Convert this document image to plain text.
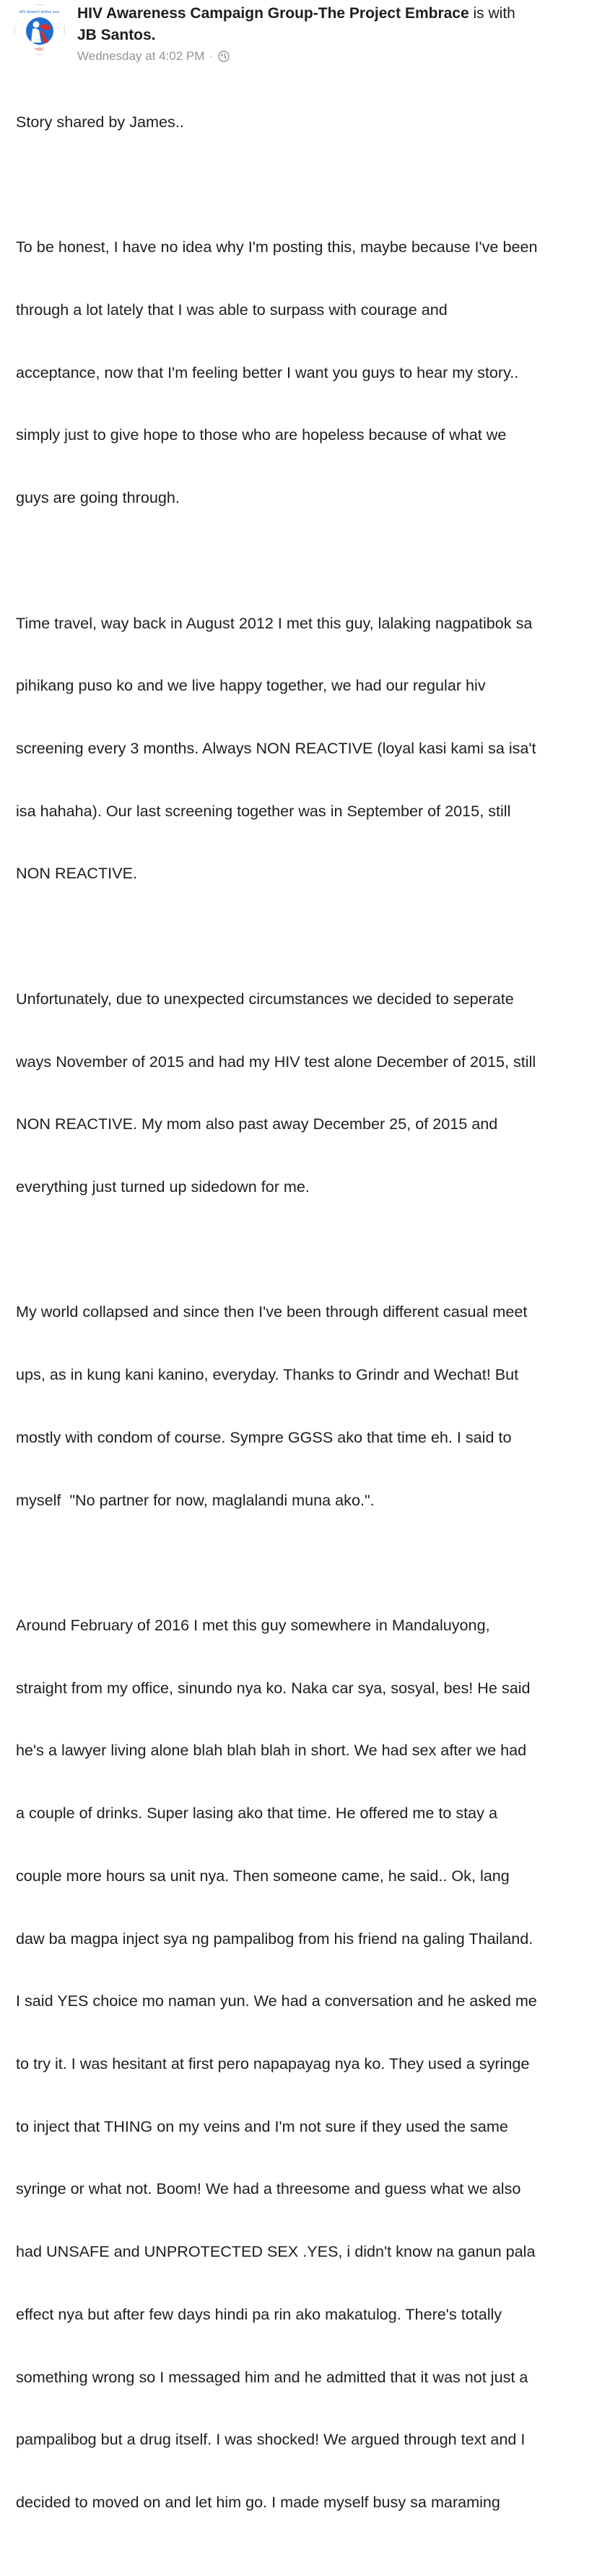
HIV doesn't define you.
HIAC
HIV Awareness Campaign Group-The Project Embrace is with
JB Santos.
Wednesday at 4:02 PM ·

Story shared by James..

To be honest, I have no idea why I'm posting this, maybe because I've been

through a lot lately that I was able to surpass with courage and

acceptance, now that I'm feeling better I want you guys to hear my story..

simply just to give hope to those who are hopeless because of what we

guys are going through.

Time travel, way back in August 2012 I met this guy, lalaking nagpatibok sa

pihikang puso ko and we live happy together, we had our regular hiv

screening every 3 months. Always NON REACTIVE (loyal kasi kami sa isa't

isa hahaha). Our last screening together was in September of 2015, still

NON REACTIVE.

Unfortunately, due to unexpected circumstances we decided to seperate

ways November of 2015 and had my HIV test alone December of 2015, still

NON REACTIVE. My mom also past away December 25, of 2015 and

everything just turned up sidedown for me.

My world collapsed and since then I've been through different casual meet

ups, as in kung kani kanino, everyday. Thanks to Grindr and Wechat! But

mostly with condom of course. Sympre GGSS ako that time eh. I said to

myself  "No partner for now, maglalandi muna ako.".

Around February of 2016 I met this guy somewhere in Mandaluyong,

straight from my office, sinundo nya ko. Naka car sya, sosyal, bes! He said

he's a lawyer living alone blah blah blah in short. We had sex after we had

a couple of drinks. Super lasing ako that time. He offered me to stay a

couple more hours sa unit nya. Then someone came, he said.. Ok, lang

daw ba magpa inject sya ng pampalibog from his friend na galing Thailand.

I said YES choice mo naman yun. We had a conversation and he asked me

to try it. I was hesitant at first pero napapayag nya ko. They used a syringe

to inject that THING on my veins and I'm not sure if they used the same

syringe or what not. Boom! We had a threesome and guess what we also

had UNSAFE and UNPROTECTED SEX .YES, i didn't know na ganun pala

effect nya but after few days hindi pa rin ako makatulog. There's totally

something wrong so I messaged him and he admitted that it was not just a

pampalibog but a drug itself. I was shocked! We argued through text and I

decided to moved on and let him go. I made myself busy sa maraming
